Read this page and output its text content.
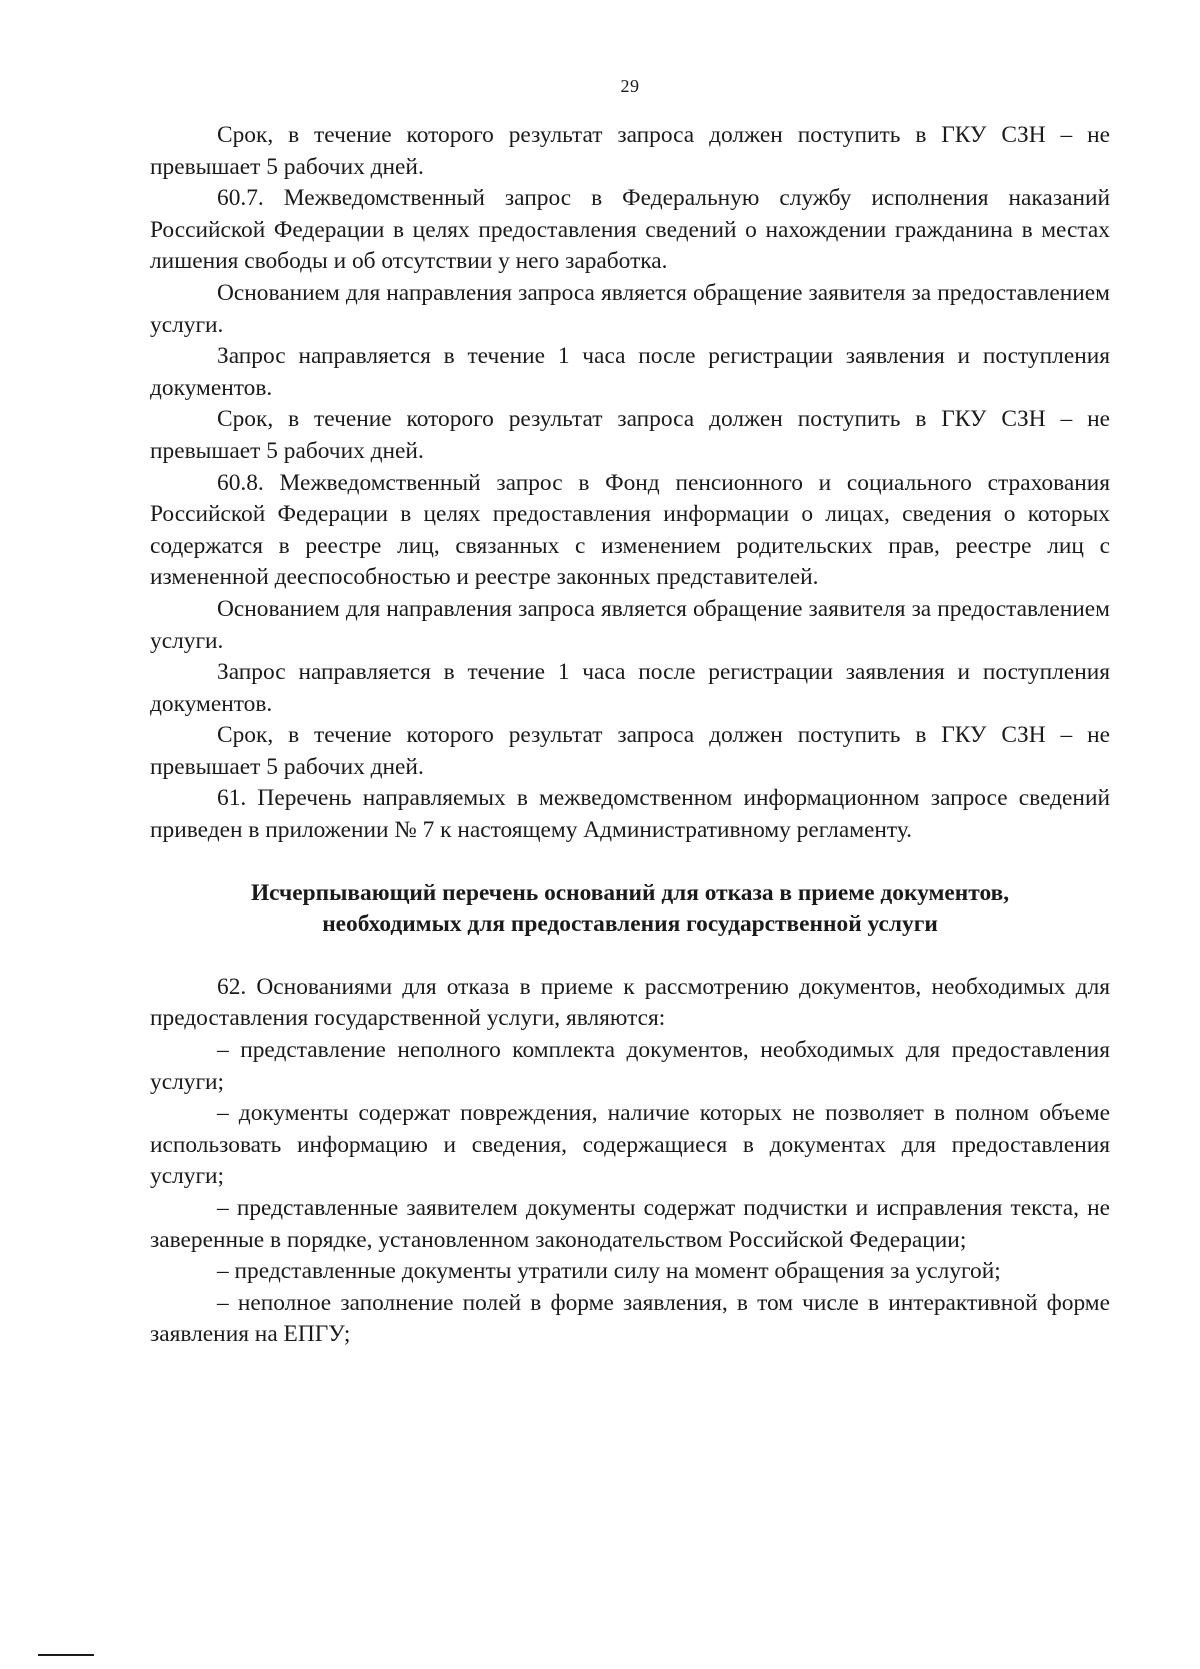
29

Срок, в течение которого результат запроса должен поступить в ГКУ СЗН – не превышает 5 рабочих дней.

60.7. Межведомственный запрос в Федеральную службу исполнения наказаний Российской Федерации в целях предоставления сведений о нахождении гражданина в местах лишения свободы и об отсутствии у него заработка.

Основанием для направления запроса является обращение заявителя за предоставлением услуги.

Запрос направляется в течение 1 часа после регистрации заявления и поступления документов.

Срок, в течение которого результат запроса должен поступить в ГКУ СЗН – не превышает 5 рабочих дней.

60.8. Межведомственный запрос в Фонд пенсионного и социального страхования Российской Федерации в целях предоставления информации о лицах, сведения о которых содержатся в реестре лиц, связанных с изменением родительских прав, реестре лиц с измененной дееспособностью и реестре законных представителей.

Основанием для направления запроса является обращение заявителя за предоставлением услуги.

Запрос направляется в течение 1 часа после регистрации заявления и поступления документов.

Срок, в течение которого результат запроса должен поступить в ГКУ СЗН – не превышает 5 рабочих дней.

61. Перечень направляемых в межведомственном информационном запросе сведений приведен в приложении № 7 к настоящему Административному регламенту.

Исчерпывающий перечень оснований для отказа в приеме документов,
необходимых для предоставления государственной услуги

62. Основаниями для отказа в приеме к рассмотрению документов, необходимых для предоставления государственной услуги, являются:

– представление неполного комплекта документов, необходимых для предоставления услуги;

– документы содержат повреждения, наличие которых не позволяет в полном объеме использовать информацию и сведения, содержащиеся в документах для предоставления услуги;

– представленные заявителем документы содержат подчистки и исправления текста, не заверенные в порядке, установленном законодательством Российской Федерации;

– представленные документы утратили силу на момент обращения за услугой;

– неполное заполнение полей в форме заявления, в том числе в интерактивной форме заявления на ЕПГУ;
